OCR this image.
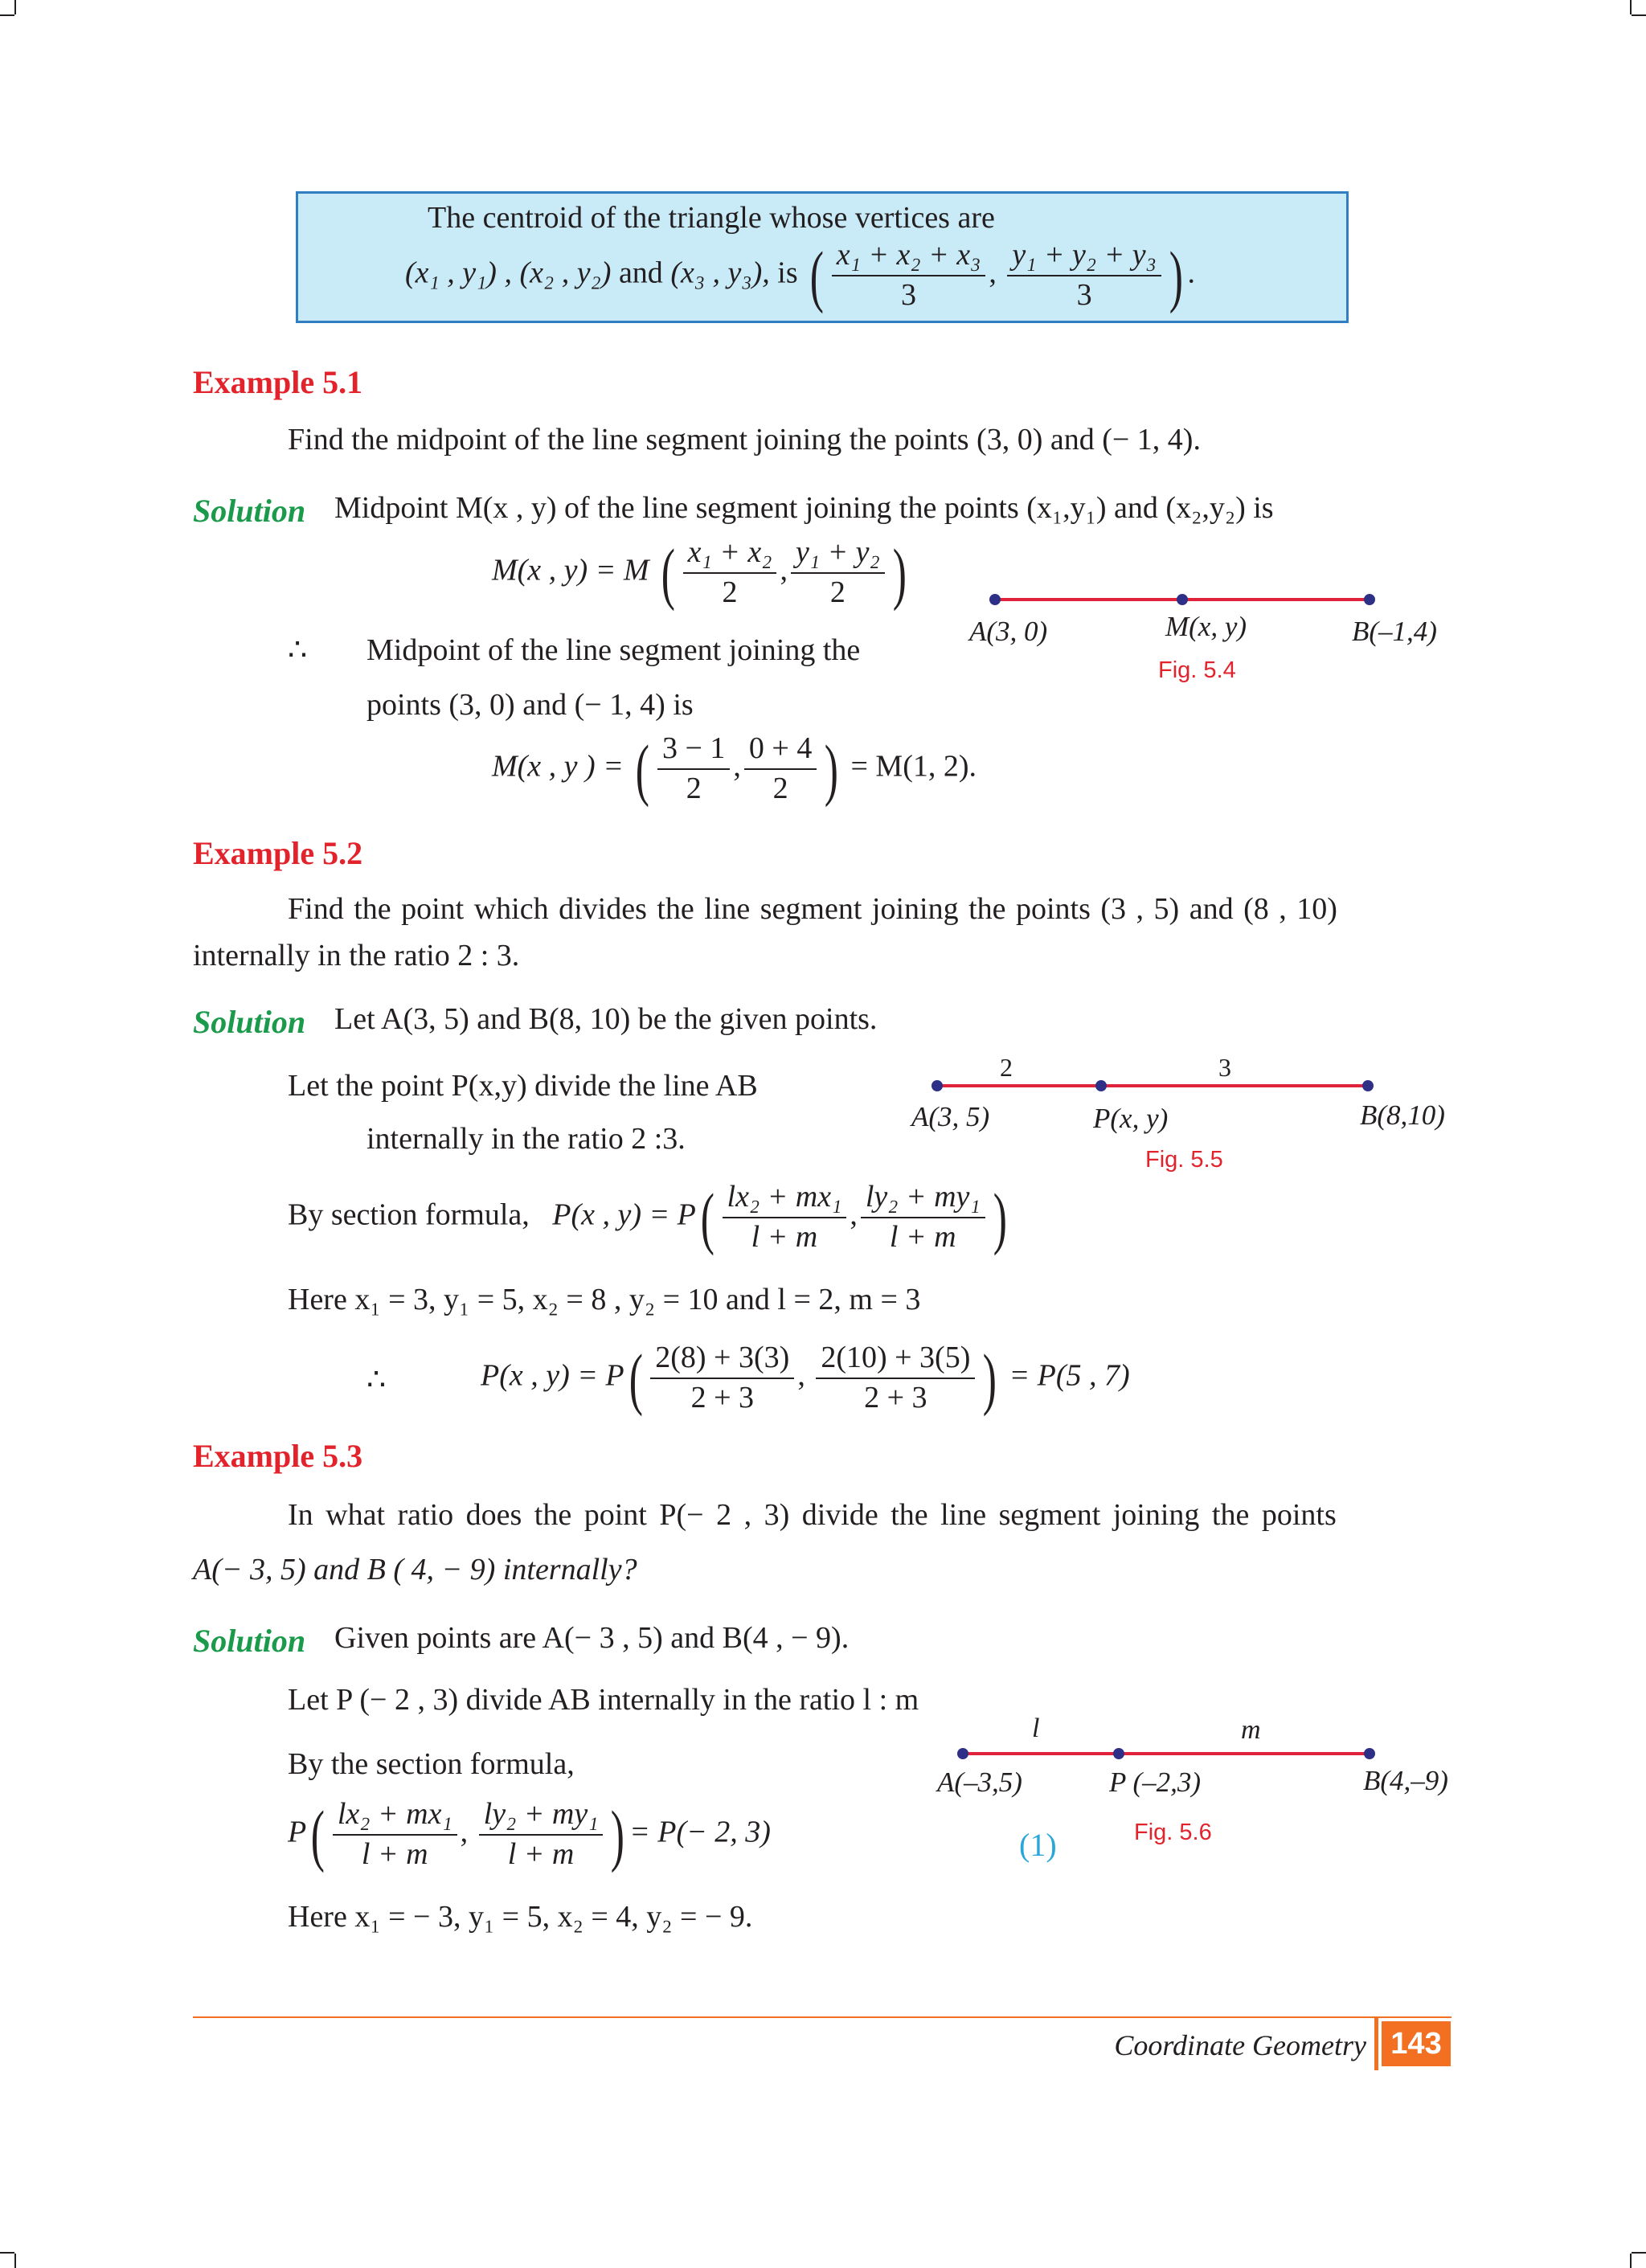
The centroid of the triangle whose vertices are
(x₁ , y₁) , (x₂ , y₂) and (x₃ , y₃), is ( $\frac{\text{x₁ + x₂ + x₃}}{3}$ , $\frac{\text{y₁ + y₂ + y₃}}{3}$ ) .
Example 5.1
Find the midpoint of the line segment joining the points (3, 0) and (− 1, 4).
Solution Midpoint M(x , y) of the line segment joining the points (x₁,y₁) and (x₂,y₂) is
M(x , y) = M ( $\frac{\text{x₁ + x₂}}{2}$ , $\frac{\text{y₁ + y₂}}{2}$ )
∴ Midpoint of the line segment joining the
points (3, 0) and (− 1, 4) is
M(x , y ) = ( $\frac{3 - 1}{2}$ , $\frac{0 + 4}{2}$ ) = M(1, 2).
A(3, 0)	M(x, y)	B(–1,4)
Fig. 5.4
Example 5.2
Find the point which divides the line segment joining the points (3 , 5) and (8 , 10)
internally in the ratio 2 : 3.
Solution Let A(3, 5) and B(8, 10) be the given points.
Let the point P(x,y) divide the line AB
internally in the ratio 2 :3.
By section formula, P(x , $y) = P( \frac{\text{lx₂ + mx₁}}{l + m}$ , $\frac{\text{ly₂ + my₁}}{l + m}$ )
Here x₁ = 3, y₁ = 5, x₂ = 8 , y₂ = 10 and l = 2, m = 3
∴	P(x , $y) = P( \frac{2(8) + 3(3)}{2 + 3}$ , $\frac{2(10) + 3(5)}{2 + 3}$ ) = P(5 , 7)
2	3
A(3, 5)	P(x, y)	B(8,10)
Fig. 5.5
Example 5.3
In what ratio does the point P(− 2 , 3) divide the line segment joining the points
A(− 3, 5) and B ( 4, − 9) internally?
Solution Given points are A(− 3 , 5) and B(4 , − 9).
Let P (− 2 , 3) divide AB internally in the ratio l : m
By the section formula,
$P( \frac{\text{lx₂ + mx₁}}{l + m}$ , $\frac{\text{ly₂ + my₁}}{l + m}$ ) = P(− 2, 3)	(1)
Here x₁ = − 3, y₁ = 5, x₂ = 4, y₂ = − 9.
l	m
A(–3,5)	P (–2,3)	B(4,–9)
Fig. 5.6
Coordinate Geometry 143
